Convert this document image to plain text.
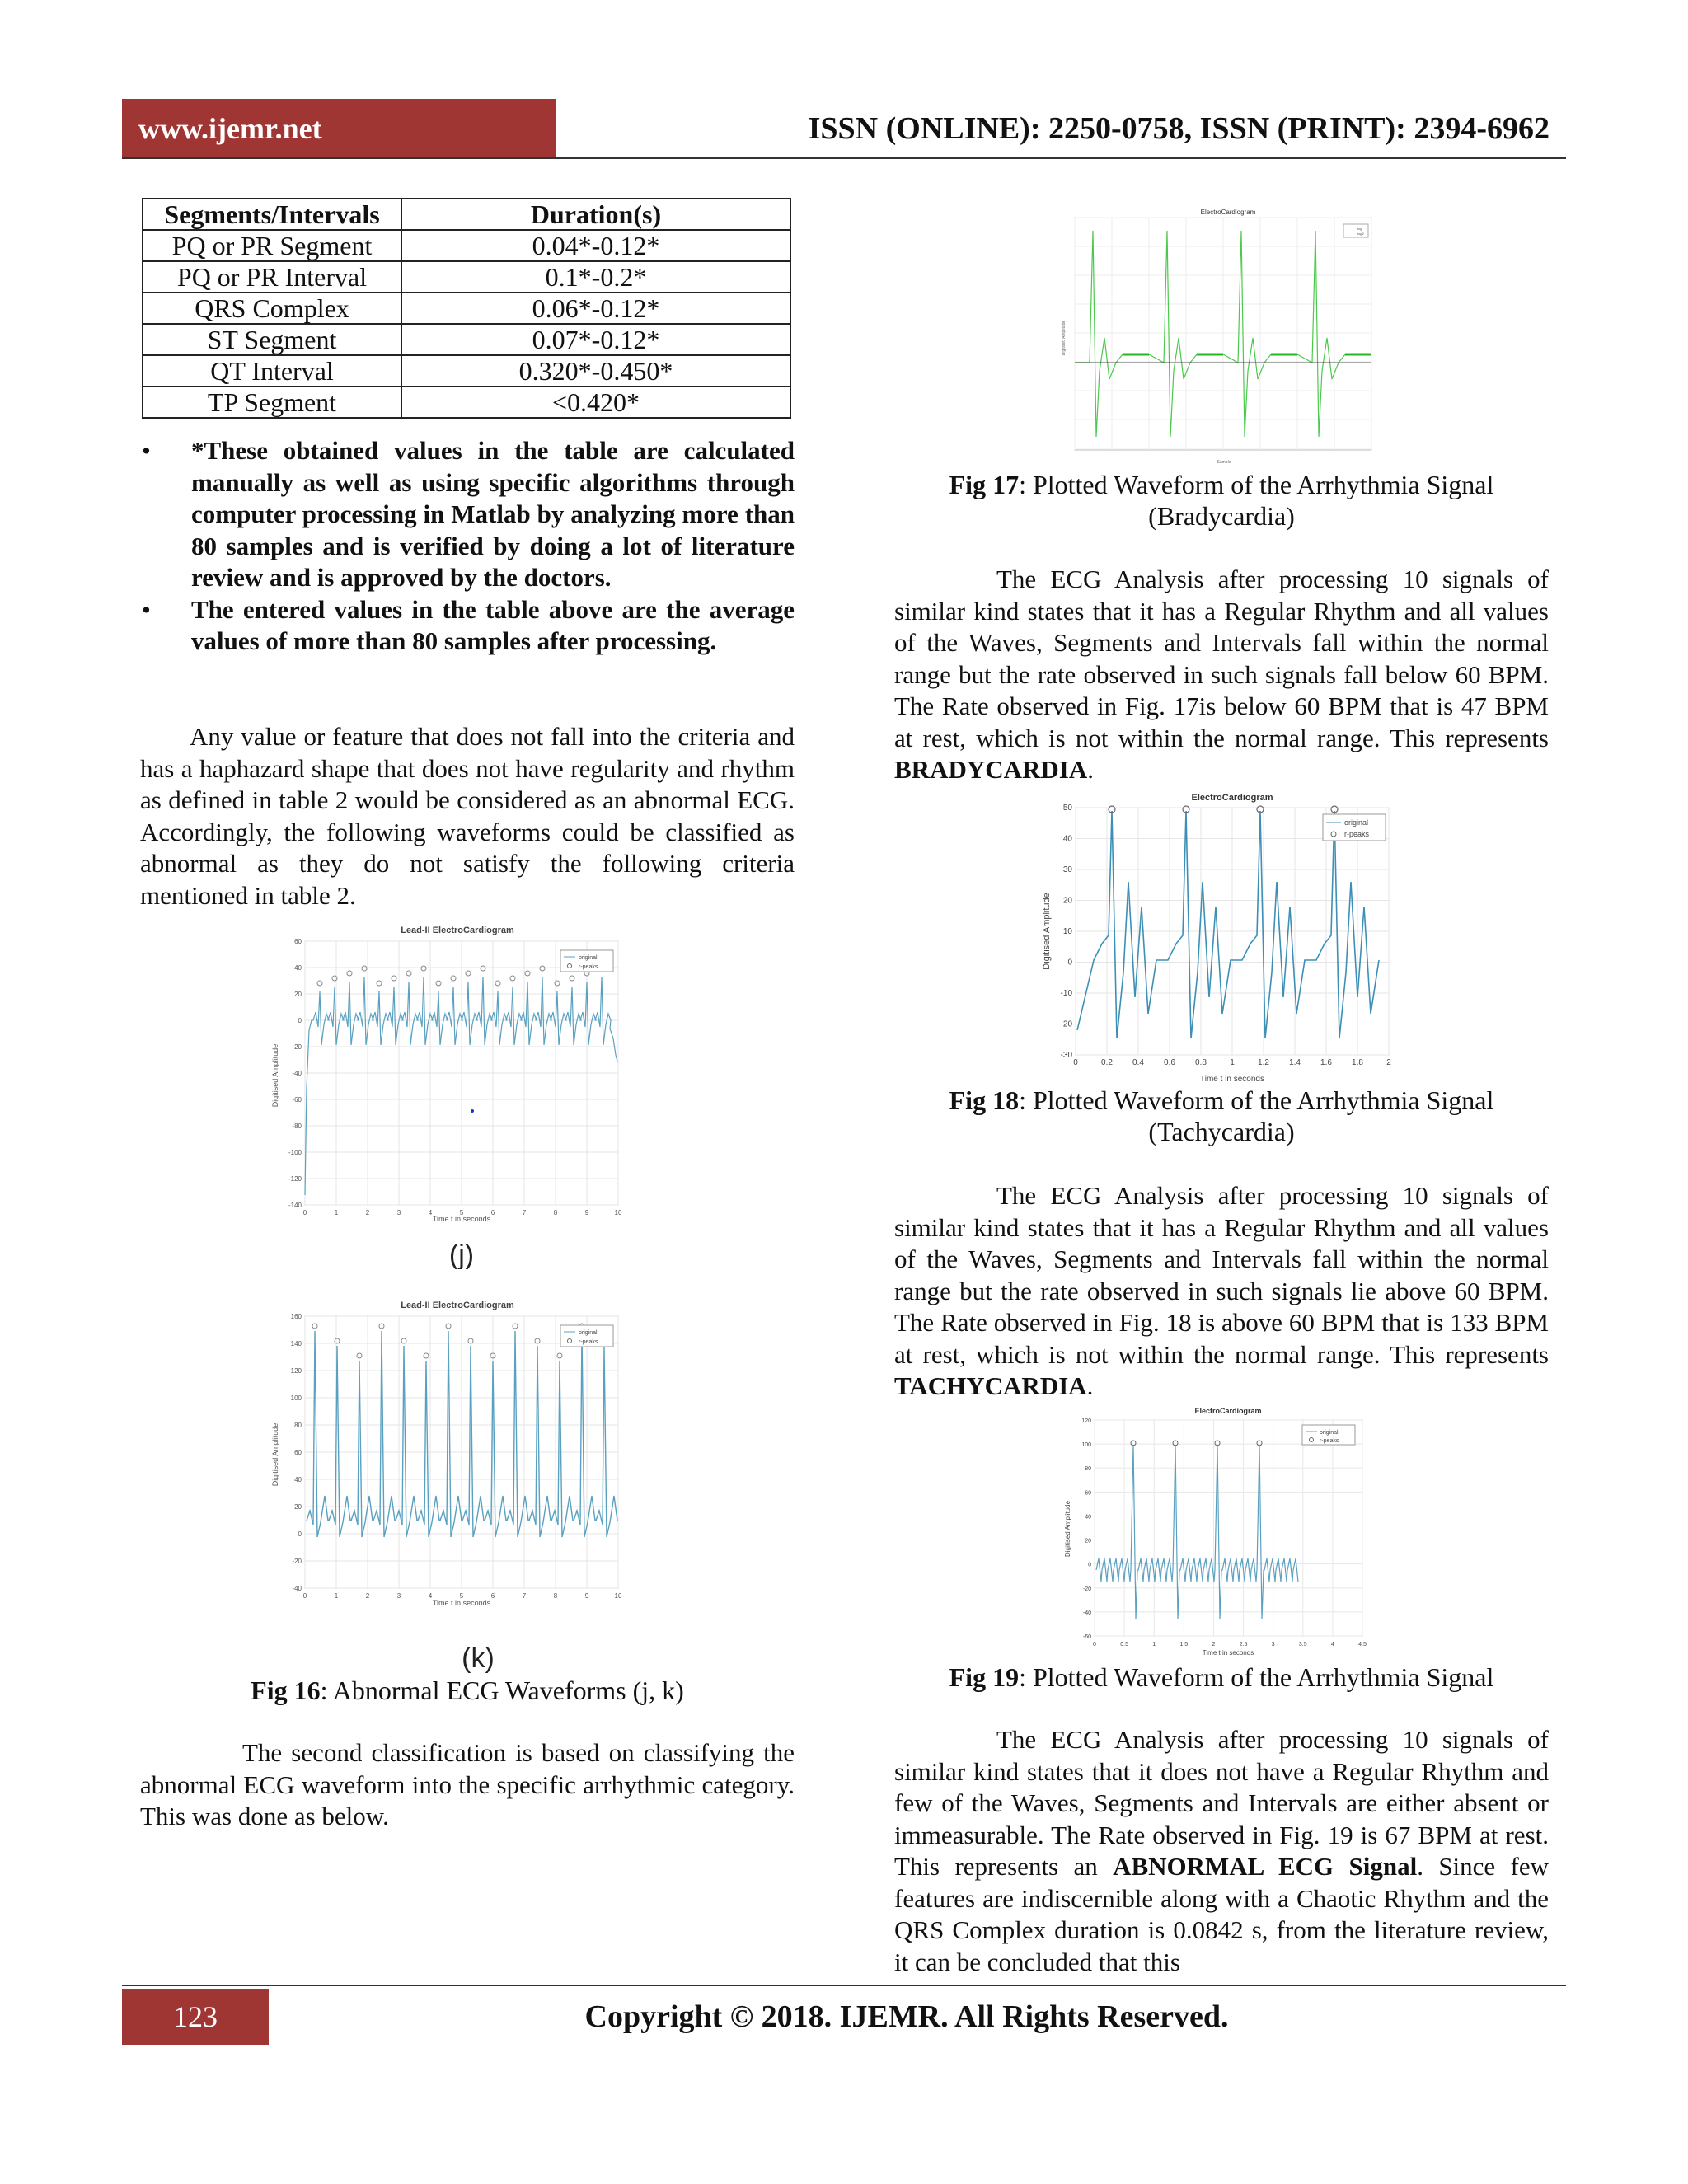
www.ijemr.net	ISSN (ONLINE): 2250-0758, ISSN (PRINT): 2394-6962
Segments/Intervals	Duration(s)
PQ or PR Segment	0.04*-0.12*
PQ or PR Interval	0.1*-0.2*
QRS Complex	0.06*-0.12*
ST Segment	0.07*-0.12*
QT Interval	0.320*-0.450*
TP Segment	<0.420*
• *These obtained values in the table are calculated manually as well as using specific algorithms through computer processing in Matlab by analyzing more than 80 samples and is verified by doing a lot of literature review and is approved by the doctors.
• The entered values in the table above are the average values of more than 80 samples after processing.

Any value or feature that does not fall into the criteria and has a haphazard shape that does not have regularity and rhythm as defined in table 2 would be considered as an abnormal ECG. Accordingly, the following waveforms could be classified as abnormal as they do not satisfy the following criteria mentioned in table 2.

Lead-II ElectroCardiogram
60
40
20
0
-20
-40
-60
-80
-100
-120
-140
0	1	2	3	4	5	6	7	8	9	10
original
r-peaks
Digitised Amplitude
Time t in seconds
(j)
Lead-II ElectroCardiogram
160
140
120
100
80
60
40
20
0
-20
-40
0	1	2	3	4	5	6	7	8	9	10
original
r-peaks
Digitised Amplitude
Time t in seconds
(k)
Fig 16: Abnormal ECG Waveforms (j, k)

The second classification is based on classifying the abnormal ECG waveform into the specific arrhythmic category. This was done as below.

ElectroCardiogram
ecg
ecg2
Digitised Amplitude
Sample
Fig 17: Plotted Waveform of the Arrhythmia Signal
(Bradycardia)

The ECG Analysis after processing 10 signals of similar kind states that it has a Regular Rhythm and all values of the Waves, Segments and Intervals fall within the normal range but the rate observed in such signals fall below 60 BPM. The Rate observed in Fig. 17is below 60 BPM that is 47 BPM at rest, which is not within the normal range. This represents BRADYCARDIA.

ElectroCardiogram
50
40
30
20
10
0
-10
-20
-30
0	0.2 0.4 0.6 0.8	1	1.2 1.4 1.6 1.8	2
original
r-peaks
Digitised Amplitude
Time t in seconds
Fig 18: Plotted Waveform of the Arrhythmia Signal
(Tachycardia)

The ECG Analysis after processing 10 signals of similar kind states that it has a Regular Rhythm and all values of the Waves, Segments and Intervals fall within the normal range but the rate observed in such signals lie above 60 BPM. The Rate observed in Fig. 18 is above 60 BPM that is 133 BPM at rest, which is not within the normal range. This represents TACHYCARDIA.

ElectroCardiogram
120
100
80
60
40
20
0
-20
-40
-60
0	0.5	1	1.5	2	2.5	3	3.5	4	4.5
original
r-peaks
Digitised Amplitude
Time t in seconds
Fig 19: Plotted Waveform of the Arrhythmia Signal

The ECG Analysis after processing 10 signals of similar kind states that it does not have a Regular Rhythm and few of the Waves, Segments and Intervals are either absent or immeasurable. The Rate observed in Fig. 19 is 67 BPM at rest. This represents an ABNORMAL ECG Signal. Since few features are indiscernible along with a Chaotic Rhythm and the QRS Complex duration is 0.0842 s, from the literature review, it can be concluded that this

123	Copyright © 2018. IJEMR. All Rights Reserved.
